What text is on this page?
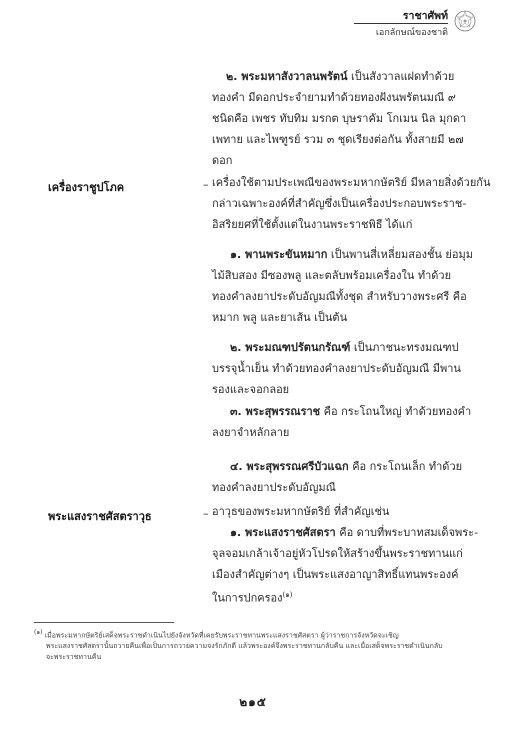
ราชาศัพท์
เอกลักษณ์ของชาติ
๒. พระมหาสังวาลนพรัตน์ เป็นสังวาลแฝดทำด้วย
ทองคำ มีดอกประจำยามทำด้วยทองฝังนพรัตนมณี ๙
ชนิดคือ เพชร ทับทิม มรกต บุษราคัม โกเมน นิล มุกดา
เพทาย และไพฑูรย์ รวม ๓ ชุดเรียงต่อกัน ทั้งสายมี ๒๗
ดอก
เครื่องราชูปโภค	– เครื่องใช้ตามประเพณีของพระมหากษัตริย์ มีหลายสิ่งด้วยกัน
กล่าวเฉพาะองค์ที่สำคัญซึ่งเป็นเครื่องประกอบพระราช-
อิสริยยศที่ใช้ตั้งแต่ในงานพระราชพิธี ได้แก่
๑. พานพระขันหมาก เป็นพานสี่เหลี่ยมสองชั้น ย่อมุม
ไม้สิบสอง มีซองพลู และตลับพร้อมเครื่องใน ทำด้วย
ทองคำลงยาประดับอัญมณีทั้งชุด สำหรับวางพระศรี คือ
หมาก พลู และยาเส้น เป็นต้น
๒. พระมณฑปรัตนกรัณฑ์ เป็นภาชนะทรงมณฑป
บรรจุน้ำเย็น ทำด้วยทองคำลงยาประดับอัญมณี มีพาน
รองและจอกลอย
๓. พระสุพรรณราช คือ กระโถนใหญ่ ทำด้วยทองคำ
ลงยาจำหลักลาย
๔. พระสุพรรณศรีบัวแฉก คือ กระโถนเล็ก ทำด้วย
ทองคำลงยาประดับอัญมณี
พระแสงราชศัสตราวุธ	– อาวุธของพระมหากษัตริย์ ที่สำคัญเช่น
๑. พระแสงราชศัสตรา คือ ดาบที่พระบาทสมเด็จพระ-
จุลจอมเกล้าเจ้าอยู่หัวโปรดให้สร้างขึ้นพระราชทานแก่
เมืองสำคัญต่างๆ เป็นพระแสงอาญาสิทธิ์แทนพระองค์
ในการปกครอง$^{(๑)}$
(๑) เมื่อพระมหากษัตริย์เสด็จพระราชดำเนินไปยังจังหวัดที่เคยรับพระราชทานพระแสงราชศัสตรา ผู้ว่าราชการจังหวัดจะเชิญ
พระแสงราชศัสตรานั้นถวายคืนเพื่อเป็นการถวายความจงรักภักดี แล้วพระองค์จึงพระราชทานกลับคืน และเมื่อเสด็จพระราชดำเนินกลับ
จะพระราชทานคืน
๒๑๕
